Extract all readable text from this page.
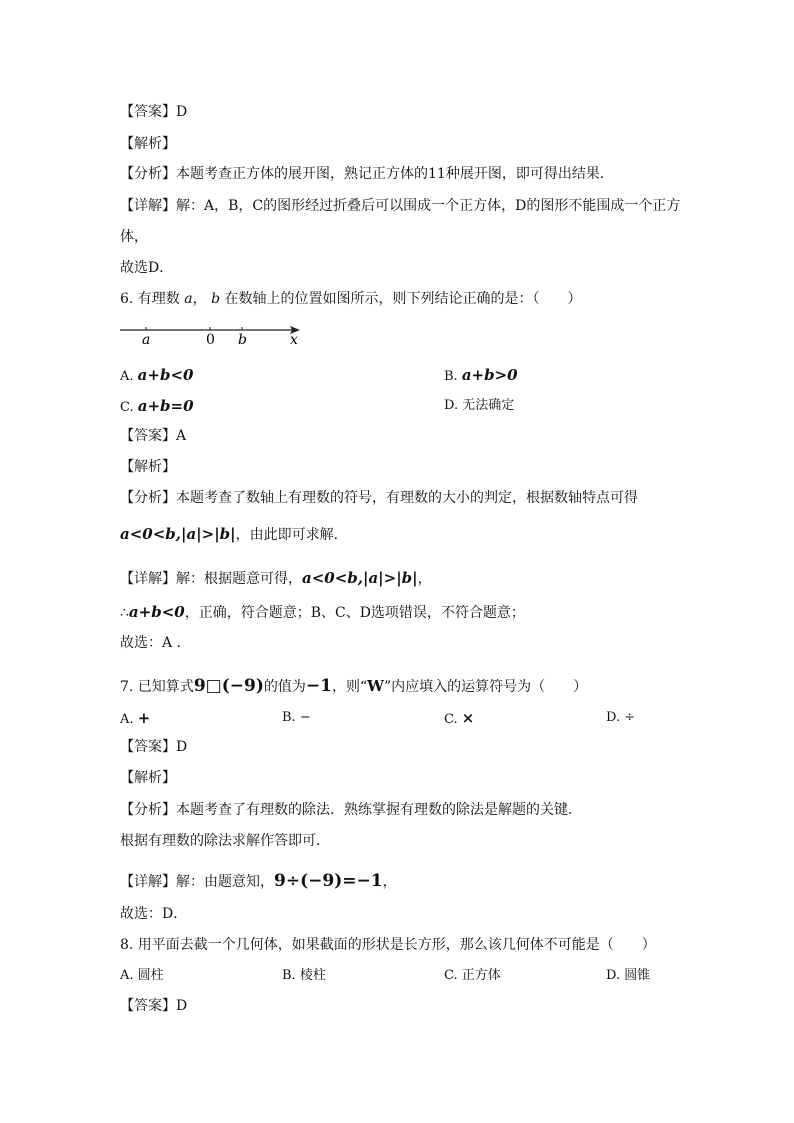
【答案】D
【解析】
【分析】本题考查正方体的展开图，熟记正方体的11种展开图，即可得出结果．
【详解】解：A，B，C的图形经过折叠后可以围成一个正方体，D的图形不能围成一个正方
体，
故选D．
6. 有理数 a， b 在数轴上的位置如图所示，则下列结论正确的是：（　　）
a	0 b	x
A. a+b<0	B. a+b>0
C. a+b=0	D. 无法确定
【答案】A
【解析】
【分析】本题考查了数轴上有理数的符号，有理数的大小的判定，根据数轴特点可得
a<0<b,|a|>|b|，由此即可求解．
【详解】解：根据题意可得，a<0<b,|a|>|b|，
∴a+b<0，正确，符合题意；B、C、D选项错误，不符合题意；
故选：A ．
7. 已知算式9□(−9)的值为−1，则“W”内应填入的运算符号为（　　）
A. +	B. −	C. ×	D. ÷
【答案】D
【解析】
【分析】本题考查了有理数的除法．熟练掌握有理数的除法是解题的关键．
根据有理数的除法求解作答即可．
【详解】解：由题意知，9÷(−9)=−1，
故选：D．
8. 用平面去截一个几何体，如果截面的形状是长方形，那么该几何体不可能是（　　）
A. 圆柱	B. 棱柱	C. 正方体	D. 圆锥
【答案】D
